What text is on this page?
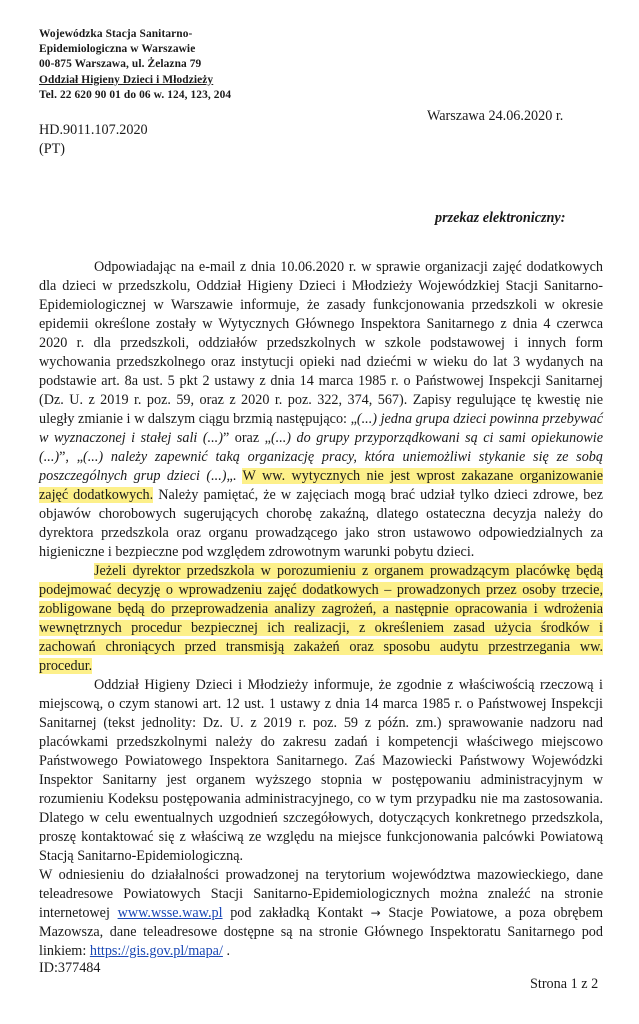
Wojewódzka Stacja Sanitarno-
Epidemiologiczna w Warszawie
00-875 Warszawa, ul. Żelazna 79
Oddział Higieny Dzieci i Młodzieży
Tel. 22 620 90 01 do 06 w. 124, 123, 204
Warszawa 24.06.2020 r.
HD.9011.107.2020
(PT)
przekaz elektroniczny:

Odpowiadając na e-mail z dnia 10.06.2020 r. w sprawie organizacji zajęć dodatkowych dla dzieci w przedszkolu, Oddział Higieny Dzieci i Młodzieży Wojewódzkiej Stacji Sanitarno-Epidemiologicznej w Warszawie informuje, że zasady funkcjonowania przedszkoli w okresie epidemii określone zostały w Wytycznych Głównego Inspektora Sanitarnego z dnia 4 czerwca 2020 r. dla przedszkoli, oddziałów przedszkolnych w szkole podstawowej i innych form wychowania przedszkolnego oraz instytucji opieki nad dziećmi w wieku do lat 3 wydanych na podstawie art. 8a ust. 5 pkt 2 ustawy z dnia 14 marca 1985 r. o Państwowej Inspekcji Sanitarnej (Dz. U. z 2019 r. poz. 59, oraz z 2020 r. poz. 322, 374, 567). Zapisy regulujące tę kwestię nie uległy zmianie i w dalszym ciągu brzmią następująco: „(...) jedna grupa dzieci powinna przebywać w wyznaczonej i stałej sali (...)” oraz „(...) do grupy przyporządkowani są ci sami opiekunowie (...)”, „(...) należy zapewnić taką organizację pracy, która uniemożliwi stykanie się ze sobą poszczególnych grup dzieci (...)„. W ww. wytycznych nie jest wprost zakazane organizowanie zajęć dodatkowych. Należy pamiętać, że w zajęciach mogą brać udział tylko dzieci zdrowe, bez objawów chorobowych sugerujących chorobę zakaźną, dlatego ostateczna decyzja należy do dyrektora przedszkola oraz organu prowadzącego jako stron ustawowo odpowiedzialnych za higieniczne i bezpieczne pod względem zdrowotnym warunki pobytu dzieci.

Jeżeli dyrektor przedszkola w porozumieniu z organem prowadzącym placówkę będą podejmować decyzję o wprowadzeniu zajęć dodatkowych – prowadzonych przez osoby trzecie, zobligowane będą do przeprowadzenia analizy zagrożeń, a następnie opracowania i wdrożenia wewnętrznych procedur bezpiecznej ich realizacji, z określeniem zasad użycia środków i zachowań chroniących przed transmisją zakażeń oraz sposobu audytu przestrzegania ww. procedur.

Oddział Higieny Dzieci i Młodzieży informuje, że zgodnie z właściwością rzeczową i miejscową, o czym stanowi art. 12 ust. 1 ustawy z dnia 14 marca 1985 r. o Państwowej Inspekcji Sanitarnej (tekst jednolity: Dz. U. z 2019 r. poz. 59 z późn. zm.) sprawowanie nadzoru nad placówkami przedszkolnymi należy do zakresu zadań i kompetencji właściwego miejscowo Państwowego Powiatowego Inspektora Sanitarnego. Zaś Mazowiecki Państwowy Wojewódzki Inspektor Sanitarny jest organem wyższego stopnia w postępowaniu administracyjnym w rozumieniu Kodeksu postępowania administracyjnego, co w tym przypadku nie ma zastosowania. Dlatego w celu ewentualnych uzgodnień szczegółowych, dotyczących konkretnego przedszkola, proszę kontaktować się z właściwą ze względu na miejsce funkcjonowania palcówki Powiatową Stacją Sanitarno-Epidemiologiczną.

W odniesieniu do działalności prowadzonej na terytorium województwa mazowieckiego, dane teleadresowe Powiatowych Stacji Sanitarno-Epidemiologicznych można znaleźć na stronie internetowej www.wsse.waw.pl pod zakładką Kontakt → Stacje Powiatowe, a poza obrębem Mazowsza, dane teleadresowe dostępne są na stronie Głównego Inspektoratu Sanitarnego pod linkiem: https://gis.gov.pl/mapa/ .

ID:377484
Strona 1 z 2
